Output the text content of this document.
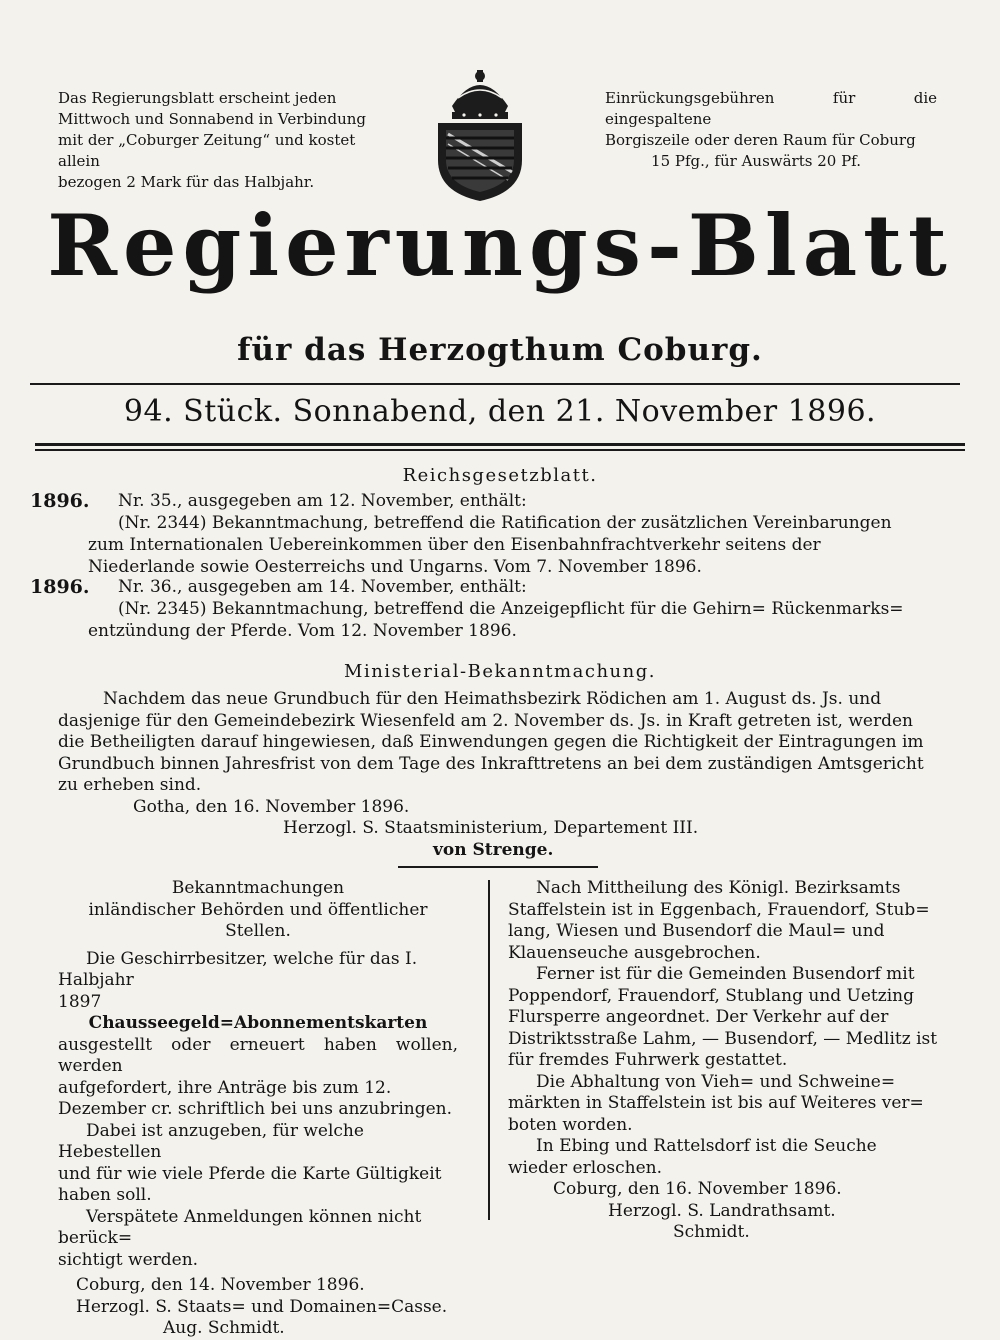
Das Regierungsblatt erscheint jeden
Mittwoch und Sonnabend in Verbindung
mit der „Coburger Zeitung“ und kostet allein
bezogen 2 Mark für das Halbjahr.
Einrückungsgebühren für die eingespaltene
Borgiszeile oder deren Raum für Coburg
15 Pfg., für Auswärts 20 Pf.
Regierungs-Blatt
für das Herzogthum Coburg.
94. Stück. Sonnabend, den 21. November 1896.
Reichsgesetzblatt.
1896. Nr. 35., ausgegeben am 12. November, enthält:
(Nr. 2344) Bekanntmachung, betreffend die Ratification der zusätzlichen Vereinbarungen
zum Internationalen Uebereinkommen über den Eisenbahnfrachtverkehr seitens der
Niederlande sowie Oesterreichs und Ungarns. Vom 7. November 1896.
1896. Nr. 36., ausgegeben am 14. November, enthält:
(Nr. 2345) Bekanntmachung, betreffend die Anzeigepflicht für die Gehirn= Rückenmarks=
entzündung der Pferde. Vom 12. November 1896.
Ministerial-Bekanntmachung.
Nachdem das neue Grundbuch für den Heimathsbezirk Rödichen am 1. August ds. Js. und
dasjenige für den Gemeindebezirk Wiesenfeld am 2. November ds. Js. in Kraft getreten ist, werden
die Betheiligten darauf hingewiesen, daß Einwendungen gegen die Richtigkeit der Eintragungen im
Grundbuch binnen Jahresfrist von dem Tage des Inkrafttretens an bei dem zuständigen Amtsgericht
zu erheben sind.
Gotha, den 16. November 1896.
Herzogl. S. Staatsministerium, Departement III.
von Strenge.
Bekanntmachungen
inländischer Behörden und öffentlicher Stellen.
Die Geschirrbesitzer, welche für das I. Halbjahr
1897
Chausseegeld=Abonnementskarten
ausgestellt oder erneuert haben wollen, werden
aufgefordert, ihre Anträge bis zum 12.
Dezember cr. schriftlich bei uns anzubringen.
Dabei ist anzugeben, für welche Hebestellen
und für wie viele Pferde die Karte Gültigkeit
haben soll.
Verspätete Anmeldungen können nicht berück=
sichtigt werden.
Coburg, den 14. November 1896.
Herzogl. S. Staats= und Domainen=Casse.
Aug. Schmidt.
Nach Mittheilung des Königl. Bezirksamts
Staffelstein ist in Eggenbach, Frauendorf, Stub=
lang, Wiesen und Busendorf die Maul= und
Klauenseuche ausgebrochen.
Ferner ist für die Gemeinden Busendorf mit
Poppendorf, Frauendorf, Stublang und Uetzing
Flursperre angeordnet. Der Verkehr auf der
Distriktsstraße Lahm, — Busendorf, — Medlitz ist
für fremdes Fuhrwerk gestattet.
Die Abhaltung von Vieh= und Schweine=
märkten in Staffelstein ist bis auf Weiteres ver=
boten worden.
In Ebing und Rattelsdorf ist die Seuche
wieder erloschen.
Coburg, den 16. November 1896.
Herzogl. S. Landrathsamt.
Schmidt.
